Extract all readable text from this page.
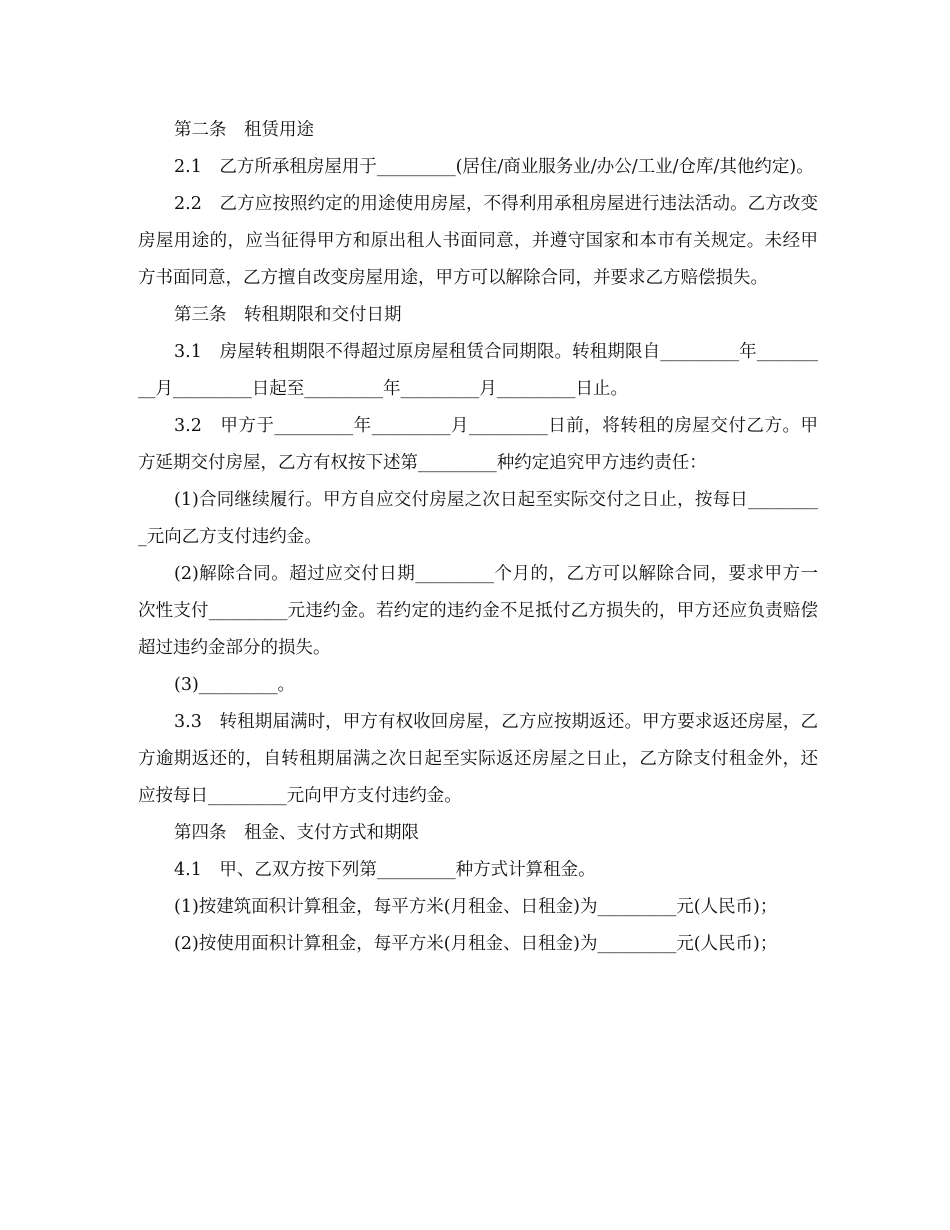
第二条　租赁用途

2.1　乙方所承租房屋用于_________(居住/商业服务业/办公/工业/仓库/其他约定)。

2.2　乙方应按照约定的用途使用房屋，不得利用承租房屋进行违法活动。乙方改变房屋用途的，应当征得甲方和原出租人书面同意，并遵守国家和本市有关规定。未经甲方书面同意，乙方擅自改变房屋用途，甲方可以解除合同，并要求乙方赔偿损失。

第三条　转租期限和交付日期

3.1　房屋转租期限不得超过原房屋租赁合同期限。转租期限自_________年_________月_________日起至_________年_________月_________日止。

3.2　甲方于_________年_________月_________日前，将转租的房屋交付乙方。甲方延期交付房屋，乙方有权按下述第_________种约定追究甲方违约责任：

(1)合同继续履行。甲方自应交付房屋之次日起至实际交付之日止，按每日_________元向乙方支付违约金。

(2)解除合同。超过应交付日期_________个月的，乙方可以解除合同，要求甲方一次性支付_________元违约金。若约定的违约金不足抵付乙方损失的，甲方还应负责赔偿超过违约金部分的损失。

(3)_________。

3.3　转租期届满时，甲方有权收回房屋，乙方应按期返还。甲方要求返还房屋，乙方逾期返还的，自转租期届满之次日起至实际返还房屋之日止，乙方除支付租金外，还应按每日_________元向甲方支付违约金。

第四条　租金、支付方式和期限

4.1　甲、乙双方按下列第_________种方式计算租金。

(1)按建筑面积计算租金，每平方米(月租金、日租金)为_________元(人民币)；

(2)按使用面积计算租金，每平方米(月租金、日租金)为_________元(人民币)；
